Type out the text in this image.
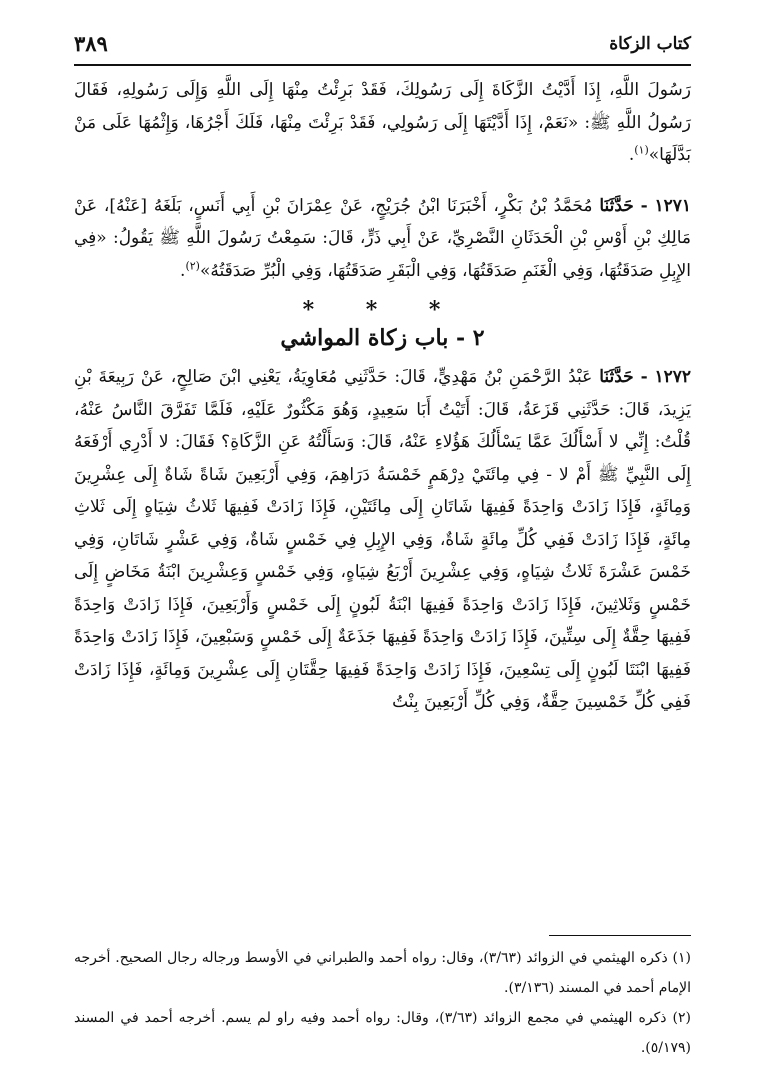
كتاب الزكاة
٣٨٩

رَسُولَ اللَّهِ، إِذَا أَدَّيْتُ الزَّكَاةَ إِلَى رَسُولِكَ، فَقَدْ بَرِئْتُ مِنْهَا إِلَى اللَّهِ وَإِلَى رَسُولِهِ، فَقَالَ رَسُولُ اللَّهِ ﷺ: «نَعَمْ، إِذَا أَدَّيْتَهَا إِلَى رَسُولِي، فَقَدْ بَرِئْتَ مِنْهَا، فَلَكَ أَجْرُهَا، وَإِثْمُهَا عَلَى مَنْ بَدَّلَهَا»$^{(١)}$.

١٢٧١ - حَدَّثَنَا مُحَمَّدُ بْنُ بَكْرٍ، أَخْبَرَنَا ابْنُ جُرَيْجٍ، عَنْ عِمْرَانَ بْنِ أَبِي أَنَسٍ، بَلَغَهُ [عَنْهُ]، عَنْ مَالِكِ بْنِ أَوْسِ بْنِ الْحَدَثَانِ النَّصْرِيِّ، عَنْ أَبِي ذَرٍّ، قَالَ: سَمِعْتُ رَسُولَ اللَّهِ ﷺ يَقُولُ: «فِي الإِبِلِ صَدَقَتُهَا، وَفِي الْغَنَمِ صَدَقَتُهَا، وَفِي الْبَقَرِ صَدَقَتُهَا، وَفِي الْبُرِّ صَدَقَتُهُ»$^{(٢)}$.

* * *
٢ - باب زكاة المواشي

١٢٧٢ - حَدَّثَنَا عَبْدُ الرَّحْمَنِ بْنُ مَهْدِيٍّ، قَالَ: حَدَّثَنِي مُعَاوِيَةُ، يَعْنِي ابْنَ صَالِحٍ، عَنْ رَبِيعَةَ بْنِ يَزِيدَ، قَالَ: حَدَّثَنِي قَزَعَةُ، قَالَ: أَتَيْتُ أَبَا سَعِيدٍ، وَهُوَ مَكْثُورٌ عَلَيْهِ، فَلَمَّا تَفَرَّقَ النَّاسُ عَنْهُ، قُلْتُ: إِنِّي لا أَسْأَلُكَ عَمَّا يَسْأَلُكَ هَؤُلاءِ عَنْهُ، قَالَ: وَسَأَلْتُهُ عَنِ الزَّكَاةِ؟ فَقَالَ: لا أَدْرِي أَرْفَعَهُ إِلَى النَّبِيِّ ﷺ أَمْ لا - فِي مِائَتَيْ دِرْهَمٍ خَمْسَةُ دَرَاهِمَ، وَفِي أَرْبَعِينَ شَاةً شَاةٌ إِلَى عِشْرِينَ وَمِائَةٍ، فَإِذَا زَادَتْ وَاحِدَةً فَفِيهَا شَاتَانِ إِلَى مِائَتَيْنِ، فَإِذَا زَادَتْ فَفِيهَا ثَلاثُ شِيَاهٍ إِلَى ثَلاثِ مِائَةٍ، فَإِذَا زَادَتْ فَفِي كُلِّ مِائَةٍ شَاةٌ، وَفِي الإِبِلِ فِي خَمْسٍ شَاةٌ، وَفِي عَشْرٍ شَاتَانِ، وَفِي خَمْسَ عَشْرَةَ ثَلاثُ شِيَاهٍ، وَفِي عِشْرِينَ أَرْبَعُ شِيَاهٍ، وَفِي خَمْسٍ وَعِشْرِينَ ابْنَةُ مَخَاضٍ إِلَى خَمْسٍ وَثَلاثِينَ، فَإِذَا زَادَتْ وَاحِدَةً فَفِيهَا ابْنَةُ لَبُونٍ إِلَى خَمْسٍ وَأَرْبَعِينَ، فَإِذَا زَادَتْ وَاحِدَةً فَفِيهَا حِقَّةٌ إِلَى سِتِّينَ، فَإِذَا زَادَتْ وَاحِدَةً فَفِيهَا جَذَعَةٌ إِلَى خَمْسٍ وَسَبْعِينَ، فَإِذَا زَادَتْ وَاحِدَةً فَفِيهَا ابْنَتَا لَبُونٍ إِلَى تِسْعِينَ، فَإِذَا زَادَتْ وَاحِدَةً فَفِيهَا حِقَّتَانِ إِلَى عِشْرِينَ وَمِائَةٍ، فَإِذَا زَادَتْ فَفِي كُلِّ خَمْسِينَ حِقَّةٌ، وَفِي كُلِّ أَرْبَعِينَ بِنْتُ

(١) ذكره الهيثمي في الزوائد (٣/٦٣)، وقال: رواه أحمد والطبراني في الأوسط ورجاله رجال الصحيح. أخرجه الإمام أحمد في المسند (٣/١٣٦).

(٢) ذكره الهيثمي في مجمع الزوائد (٣/٦٣)، وقال: رواه أحمد وفيه راو لم يسم. أخرجه أحمد في المسند (٥/١٧٩).
